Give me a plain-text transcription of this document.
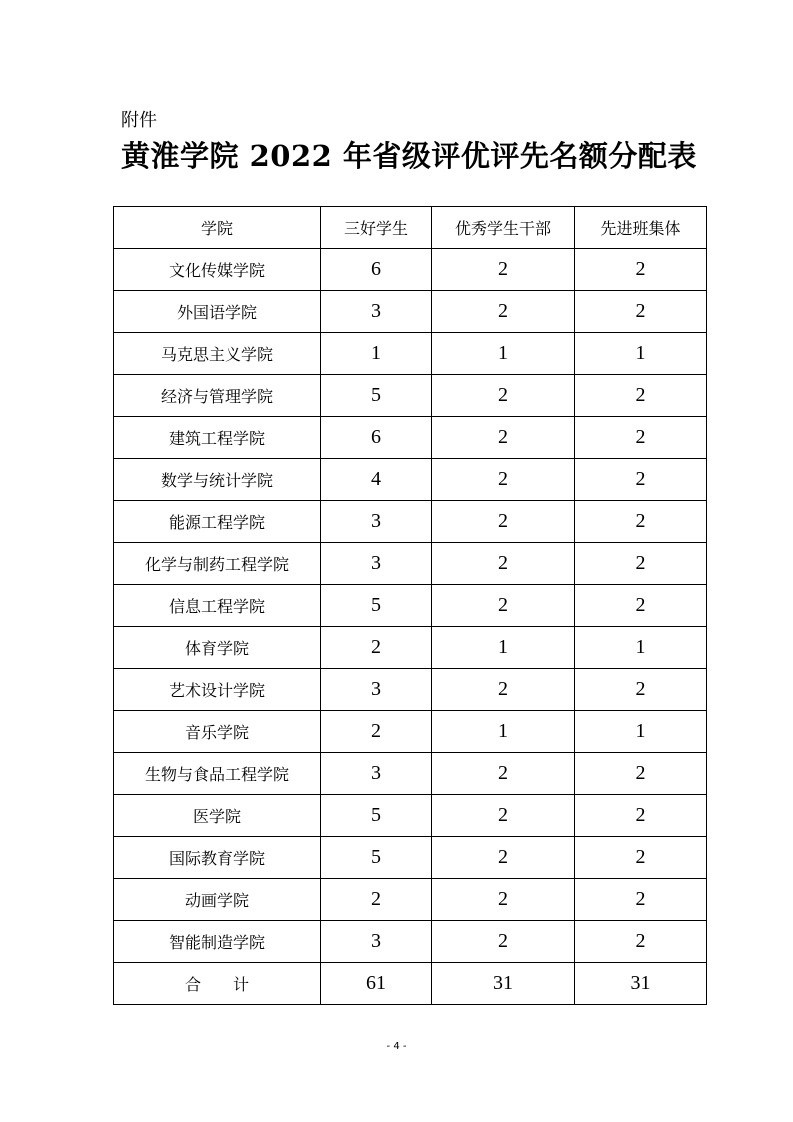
附件
黄淮学院 2022 年省级评优评先名额分配表
学院	三好学生	优秀学生干部	先进班集体
文化传媒学院	6	2	2
外国语学院	3	2	2
马克思主义学院	1	1	1
经济与管理学院	5	2	2
建筑工程学院	6	2	2
数学与统计学院	4	2	2
能源工程学院	3	2	2
化学与制药工程学院	3	2	2
信息工程学院	5	2	2
体育学院	2	1	1
艺术设计学院	3	2	2
音乐学院	2	1	1
生物与食品工程学院	3	2	2
医学院	5	2	2
国际教育学院	5	2	2
动画学院	2	2	2
智能制造学院	3	2	2
合　　计	61	31	31
- 4 -
